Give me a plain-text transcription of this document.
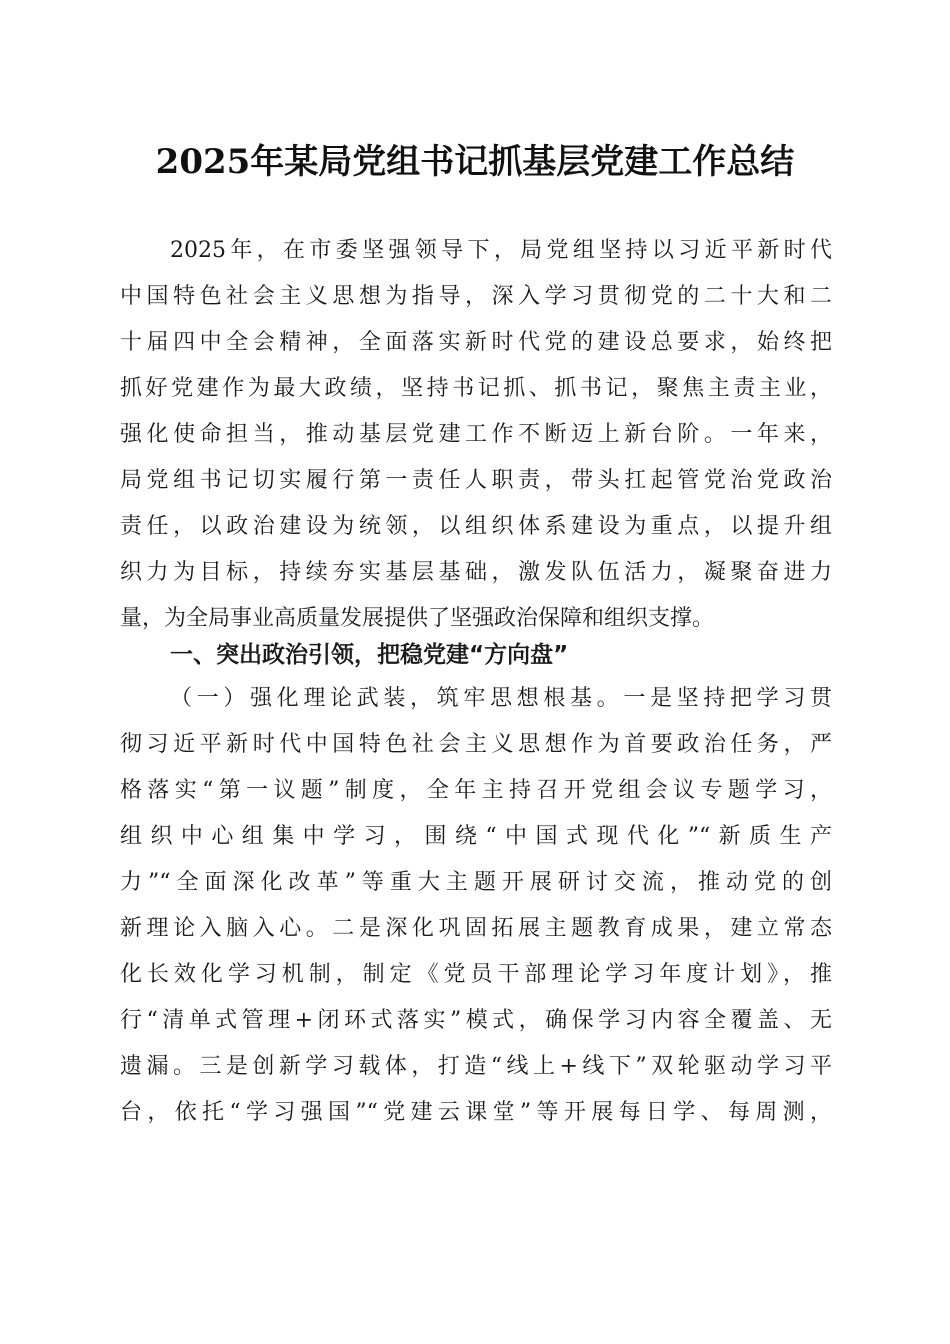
2025年某局党组书记抓基层党建工作总结
2025年，在市委坚强领导下，局党组坚持以习近平新时代
中国特色社会主义思想为指导，深入学习贯彻党的二十大和二
十届四中全会精神，全面落实新时代党的建设总要求，始终把
抓好党建作为最大政绩，坚持书记抓、抓书记，聚焦主责主业，
强化使命担当，推动基层党建工作不断迈上新台阶。一年来，
局党组书记切实履行第一责任人职责，带头扛起管党治党政治
责任，以政治建设为统领，以组织体系建设为重点，以提升组
织力为目标，持续夯实基层基础，激发队伍活力，凝聚奋进力
量，为全局事业高质量发展提供了坚强政治保障和组织支撑。
一、突出政治引领，把稳党建“方向盘”
（一）强化理论武装，筑牢思想根基。一是坚持把学习贯
彻习近平新时代中国特色社会主义思想作为首要政治任务，严
格落实“第一议题”制度，全年主持召开党组会议专题学习，
组织中心组集中学习，围绕“中国式现代化”“新质生产
力”“全面深化改革”等重大主题开展研讨交流，推动党的创
新理论入脑入心。二是深化巩固拓展主题教育成果，建立常态
化长效化学习机制，制定《党员干部理论学习年度计划》，推
行“清单式管理+闭环式落实”模式，确保学习内容全覆盖、无
遗漏。三是创新学习载体，打造“线上+线下”双轮驱动学习平
台，依托“学习强国”“党建云课堂”等开展每日学、每周测，
